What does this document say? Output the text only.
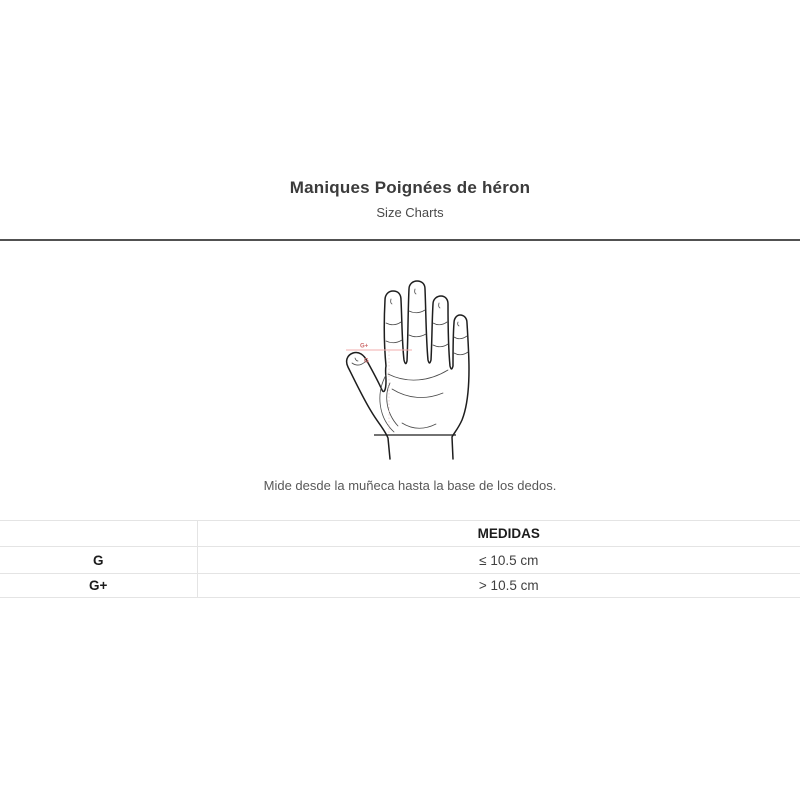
Maniques Poignées de héron
Size Charts
G+
G
Mide desde la muñeca hasta la base de los dedos.
	MEDIDAS
G	≤ 10.5 cm
G+	> 10.5 cm
